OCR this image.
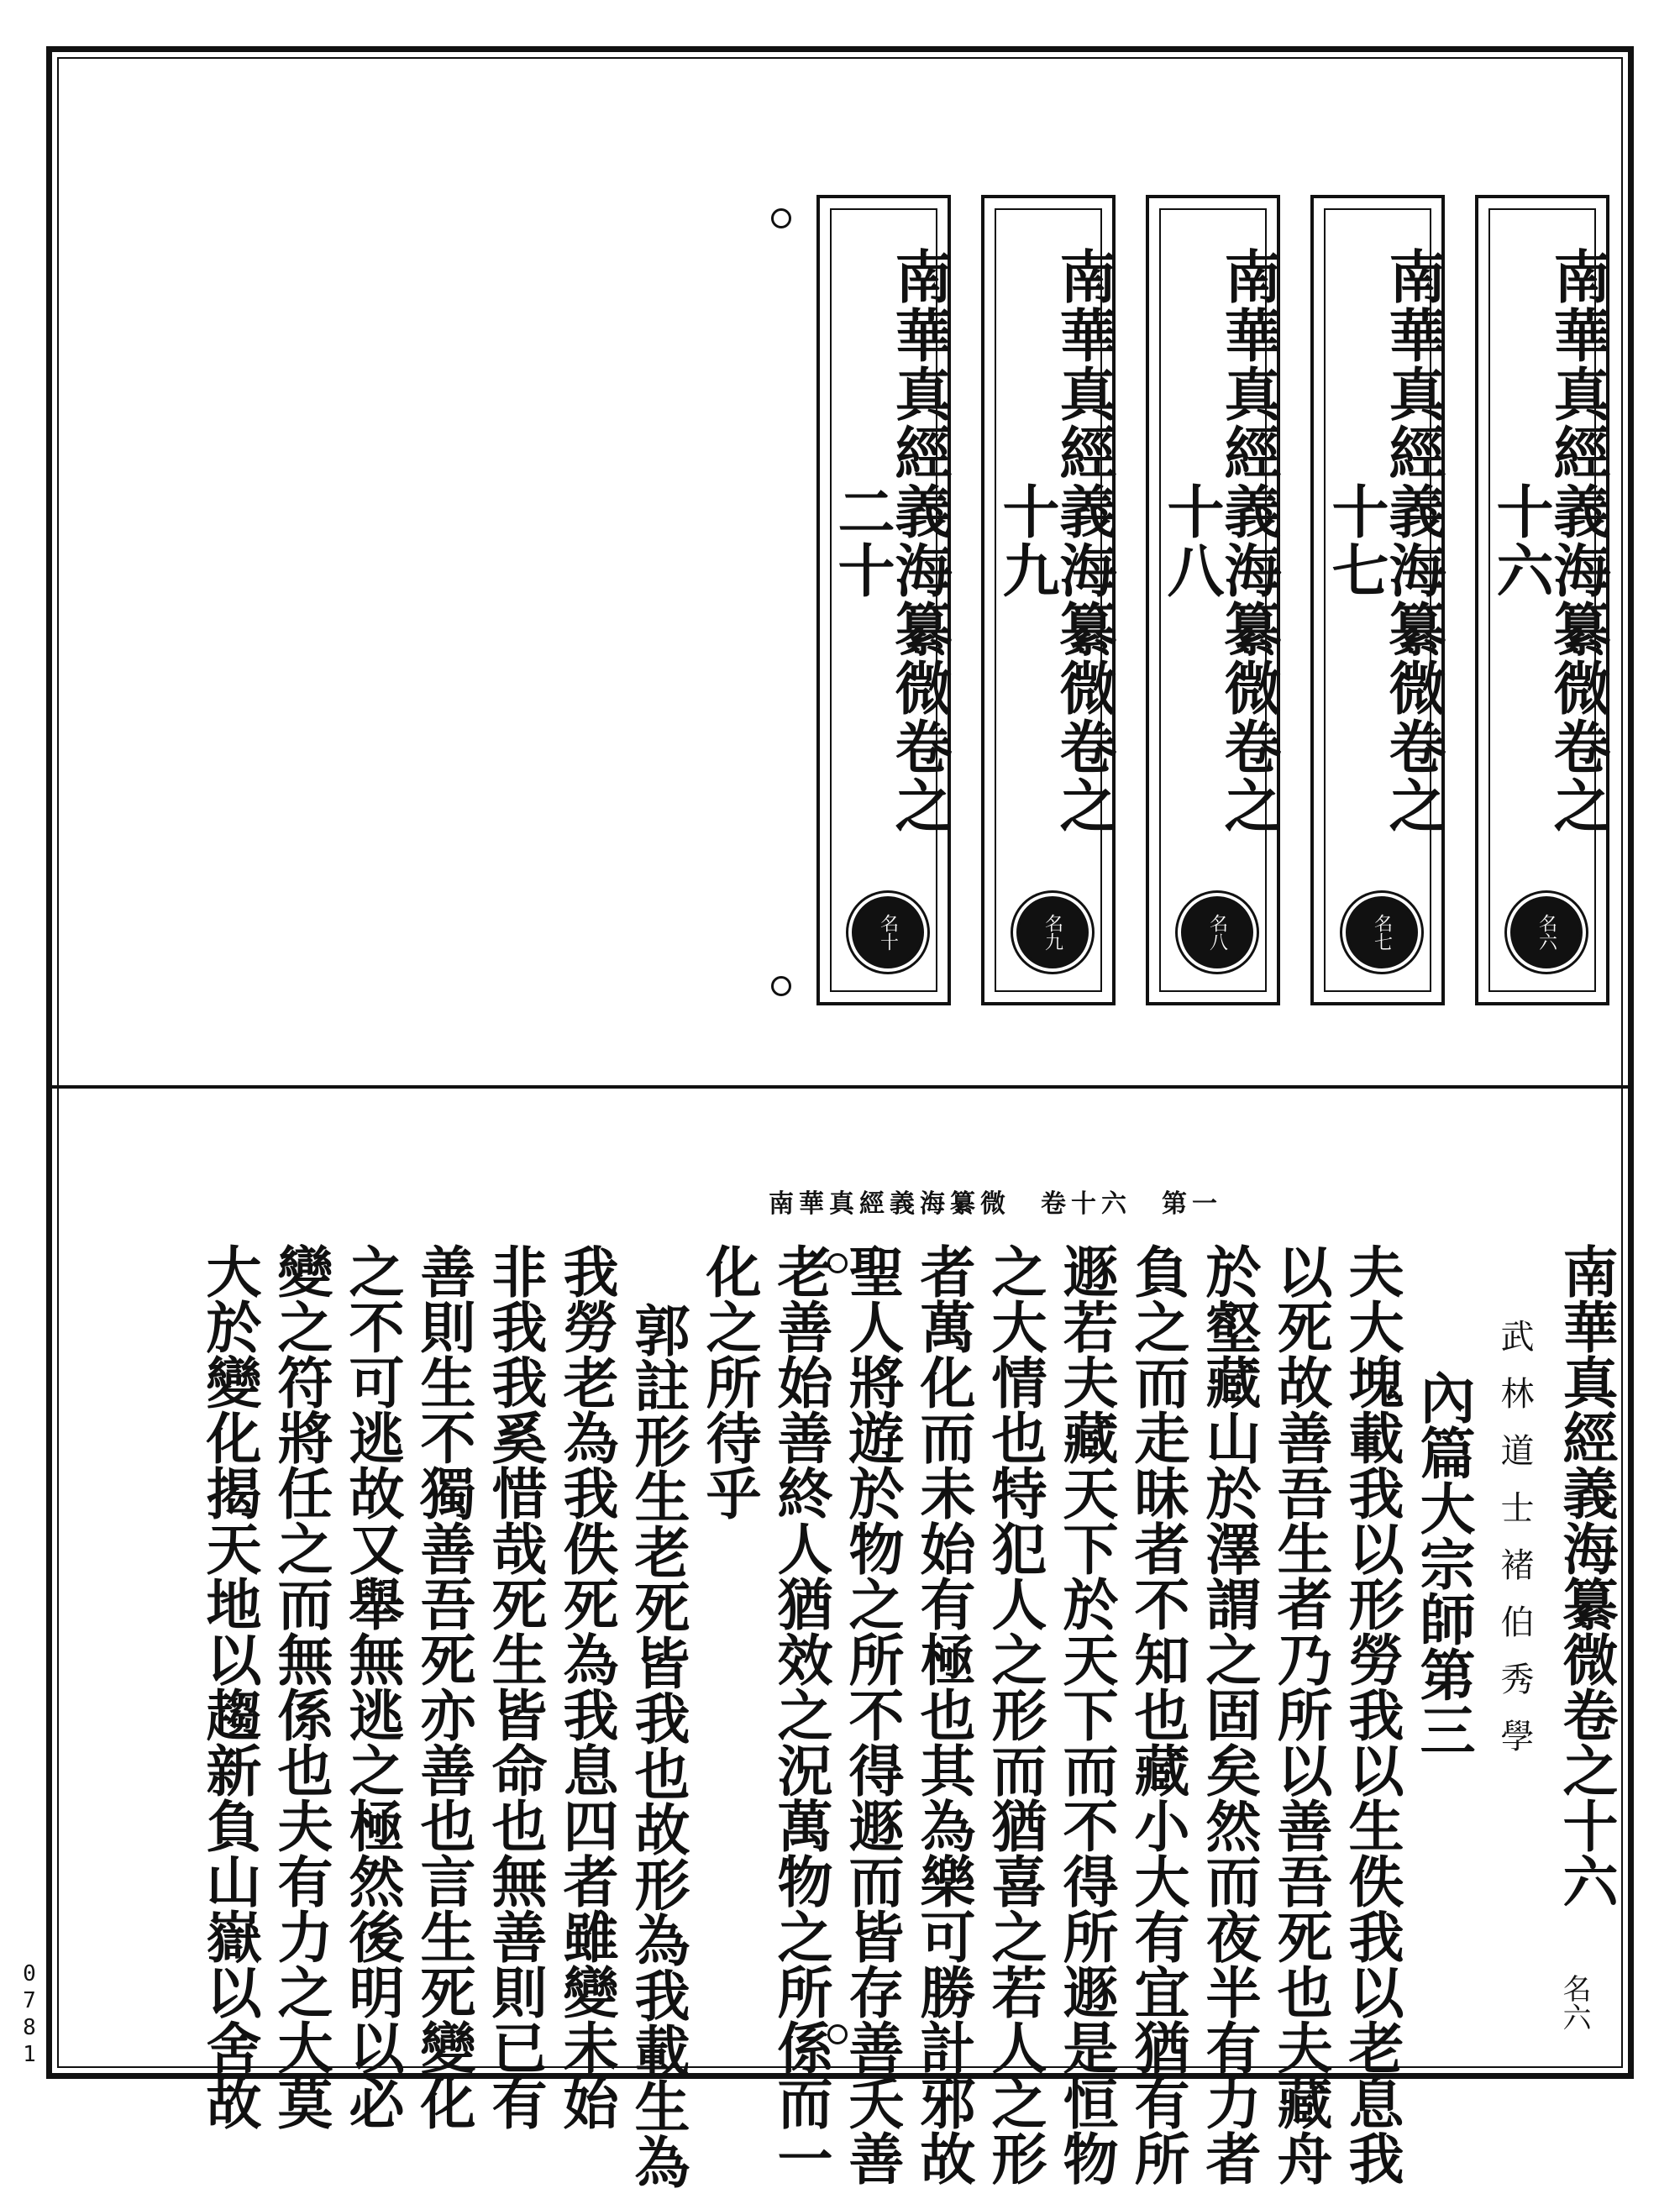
南華真經義海纂微卷之十六
名六
南華真經義海纂微卷之十七
名七
南華真經義海纂微卷之十八
名八
南華真經義海纂微卷之十九
名九
南華真經義海纂微卷之二十
名十
南華真經義海纂微　卷十六　第一
南華真經義海纂微卷之十六
武林道士褚伯秀學
內篇大宗師第三
夫大塊載我以形勞我以生佚我以老息我
以死故善吾生者乃所以善吾死也夫藏舟
於壑藏山於澤謂之固矣然而夜半有力者
負之而走昧者不知也藏小大有宜猶有所
遯若夫藏天下於天下而不得所遯是恒物
之大情也特犯人之形而猶喜之若人之形
者萬化而未始有極也其為樂可勝計邪故
聖人將遊於物之所不得遯而皆存善夭善
老善始善終人猶效之況萬物之所係而一
化之所待乎
郭註形生老死皆我也故形為我載生為
我勞老為我佚死為我息四者雖變未始
非我我奚惜哉死生皆命也無善則已有
善則生不獨善吾死亦善也言生死變化
之不可逃故又舉無逃之極然後明以必
變之符將任之而無係也夫有力之大莫
大於變化揭天地以趨新負山嶽以舍故	名六
0781
